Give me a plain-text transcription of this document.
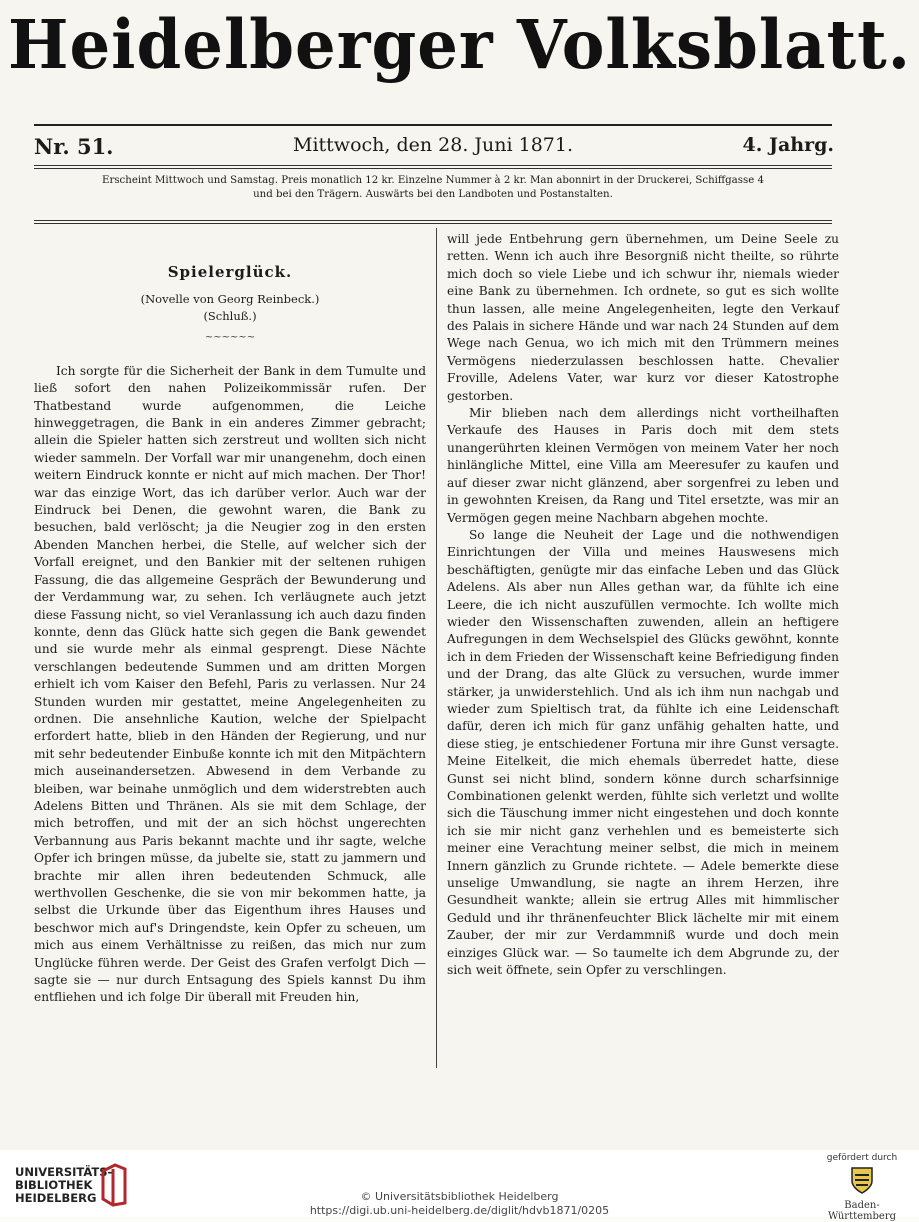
Heidelberger Volksblatt.
Nr. 51.	Mittwoch, den 28. Juni 1871.	4. Jahrg.
Erscheint Mittwoch und Samstag. Preis monatlich 12 kr. Einzelne Nummer à 2 kr. Man abonnirt in der Druckerei, Schiffgasse 4
und bei den Trägern. Auswärts bei den Landboten und Postanstalten.
Spielerglück.

(Novelle von Georg Reinbeck.)

(Schluß.)

~~~~~~

Ich sorgte für die Sicherheit der Bank in dem Tumulte und ließ sofort den nahen Polizeikommissär rufen. Der Thatbestand wurde aufgenommen, die Leiche hinweggetragen, die Bank in ein anderes Zimmer gebracht; allein die Spieler hatten sich zerstreut und wollten sich nicht wieder sammeln. Der Vorfall war mir unangenehm, doch einen weitern Eindruck konnte er nicht auf mich machen. Der Thor! war das einzige Wort, das ich darüber verlor. Auch war der Eindruck bei Denen, die gewohnt waren, die Bank zu besuchen, bald verlöscht; ja die Neugier zog in den ersten Abenden Manchen herbei, die Stelle, auf welcher sich der Vorfall ereignet, und den Bankier mit der seltenen ruhigen Fassung, die das allgemeine Gespräch der Bewunderung und der Verdammung war, zu sehen. Ich verläugnete auch jetzt diese Fassung nicht, so viel Veranlassung ich auch dazu finden konnte, denn das Glück hatte sich gegen die Bank gewendet und sie wurde mehr als einmal gesprengt. Diese Nächte verschlangen bedeutende Summen und am dritten Morgen erhielt ich vom Kaiser den Befehl, Paris zu verlassen. Nur 24 Stunden wurden mir gestattet, meine Angelegenheiten zu ordnen. Die ansehnliche Kaution, welche der Spielpacht erfordert hatte, blieb in den Händen der Regierung, und nur mit sehr bedeutender Einbuße konnte ich mit den Mitpächtern mich auseinandersetzen. Abwesend in dem Verbande zu bleiben, war beinahe unmöglich und dem widerstrebten auch Adelens Bitten und Thränen. Als sie mit dem Schlage, der mich betroffen, und mit der an sich höchst ungerechten Verbannung aus Paris bekannt machte und ihr sagte, welche Opfer ich bringen müsse, da jubelte sie, statt zu jammern und brachte mir allen ihren bedeutenden Schmuck, alle werthvollen Geschenke, die sie von mir bekommen hatte, ja selbst die Urkunde über das Eigenthum ihres Hauses und beschwor mich auf's Dringendste, kein Opfer zu scheuen, um mich aus einem Verhältnisse zu reißen, das mich nur zum Unglücke führen werde. Der Geist des Grafen verfolgt Dich — sagte sie — nur durch Entsagung des Spiels kannst Du ihm entfliehen und ich folge Dir überall mit Freuden hin,

will jede Entbehrung gern übernehmen, um Deine Seele zu retten. Wenn ich auch ihre Besorgniß nicht theilte, so rührte mich doch so viele Liebe und ich schwur ihr, niemals wieder eine Bank zu übernehmen. Ich ordnete, so gut es sich wollte thun lassen, alle meine Angelegenheiten, legte den Verkauf des Palais in sichere Hände und war nach 24 Stunden auf dem Wege nach Genua, wo ich mich mit den Trümmern meines Vermögens niederzulassen beschlossen hatte. Chevalier Froville, Adelens Vater, war kurz vor dieser Katostrophe gestorben.

Mir blieben nach dem allerdings nicht vortheilhaften Verkaufe des Hauses in Paris doch mit dem stets unangerührten kleinen Vermögen von meinem Vater her noch hinlängliche Mittel, eine Villa am Meeresufer zu kaufen und auf dieser zwar nicht glänzend, aber sorgenfrei zu leben und in gewohnten Kreisen, da Rang und Titel ersetzte, was mir an Vermögen gegen meine Nachbarn abgehen mochte.

So lange die Neuheit der Lage und die nothwendigen Einrichtungen der Villa und meines Hauswesens mich beschäftigten, genügte mir das einfache Leben und das Glück Adelens. Als aber nun Alles gethan war, da fühlte ich eine Leere, die ich nicht auszufüllen vermochte. Ich wollte mich wieder den Wissenschaften zuwenden, allein an heftigere Aufregungen in dem Wechselspiel des Glücks gewöhnt, konnte ich in dem Frieden der Wissenschaft keine Befriedigung finden und der Drang, das alte Glück zu versuchen, wurde immer stärker, ja unwiderstehlich. Und als ich ihm nun nachgab und wieder zum Spieltisch trat, da fühlte ich eine Leidenschaft dafür, deren ich mich für ganz unfähig gehalten hatte, und diese stieg, je entschiedener Fortuna mir ihre Gunst versagte. Meine Eitelkeit, die mich ehemals überredet hatte, diese Gunst sei nicht blind, sondern könne durch scharfsinnige Combinationen gelenkt werden, fühlte sich verletzt und wollte sich die Täuschung immer nicht eingestehen und doch konnte ich sie mir nicht ganz verhehlen und es bemeisterte sich meiner eine Verachtung meiner selbst, die mich in meinem Innern gänzlich zu Grunde richtete. — Adele bemerkte diese unselige Umwandlung, sie nagte an ihrem Herzen, ihre Gesundheit wankte; allein sie ertrug Alles mit himmlischer Geduld und ihr thränenfeuchter Blick lächelte mir mit einem Zauber, der mir zur Verdammniß wurde und doch mein einziges Glück war. — So taumelte ich dem Abgrunde zu, der sich weit öffnete, sein Opfer zu verschlingen.

UNIVERSITÄTS-
BIBLIOTHEK
HEIDELBERG	© Universitätsbibliothek Heidelberg
https://digi.ub.uni-heidelberg.de/diglit/hdvb1871/0205
gefördert durch
Baden-Württemberg
